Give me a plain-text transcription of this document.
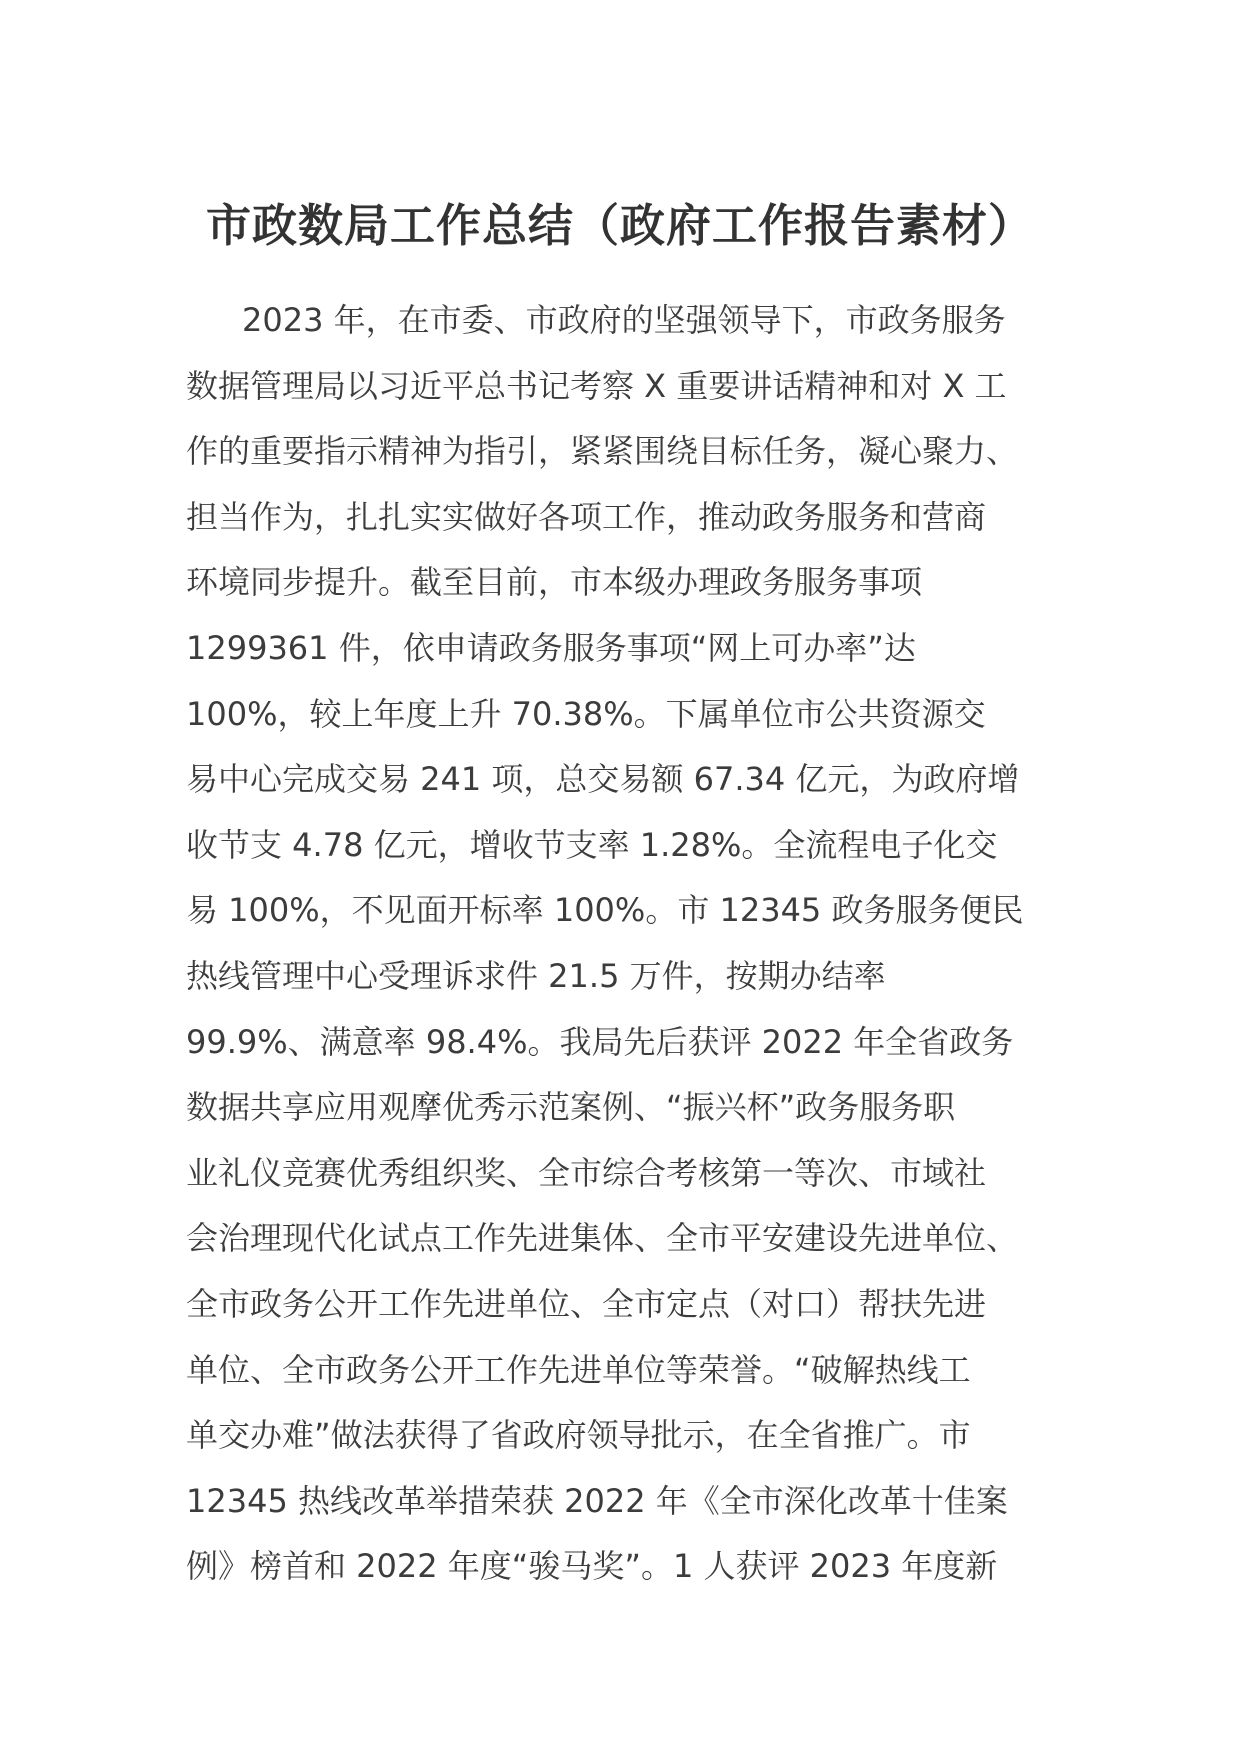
市政数局工作总结（政府工作报告素材）
2023 年，在市委、市政府的坚强领导下，市政务服务
数据管理局以习近平总书记考察 X 重要讲话精神和对 X 工
作的重要指示精神为指引，紧紧围绕目标任务，凝心聚力、
担当作为，扎扎实实做好各项工作，推动政务服务和营商
环境同步提升。截至目前，市本级办理政务服务事项
1299361 件，依申请政务服务事项“网上可办率”达
100%，较上年度上升 70.38%。下属单位市公共资源交
易中心完成交易 241 项，总交易额 67.34 亿元，为政府增
收节支 4.78 亿元，增收节支率 1.28%。全流程电子化交
易 100%，不见面开标率 100%。市 12345 政务服务便民
热线管理中心受理诉求件 21.5 万件，按期办结率
99.9%、满意率 98.4%。我局先后获评 2022 年全省政务
数据共享应用观摩优秀示范案例、“振兴杯”政务服务职
业礼仪竞赛优秀组织奖、全市综合考核第一等次、市域社
会治理现代化试点工作先进集体、全市平安建设先进单位、
全市政务公开工作先进单位、全市定点（对口）帮扶先进
单位、全市政务公开工作先进单位等荣誉。“破解热线工
单交办难”做法获得了省政府领导批示，在全省推广。市
12345 热线改革举措荣获 2022 年《全市深化改革十佳案
例》榜首和 2022 年度“骏马奖”。1 人获评 2023 年度新
